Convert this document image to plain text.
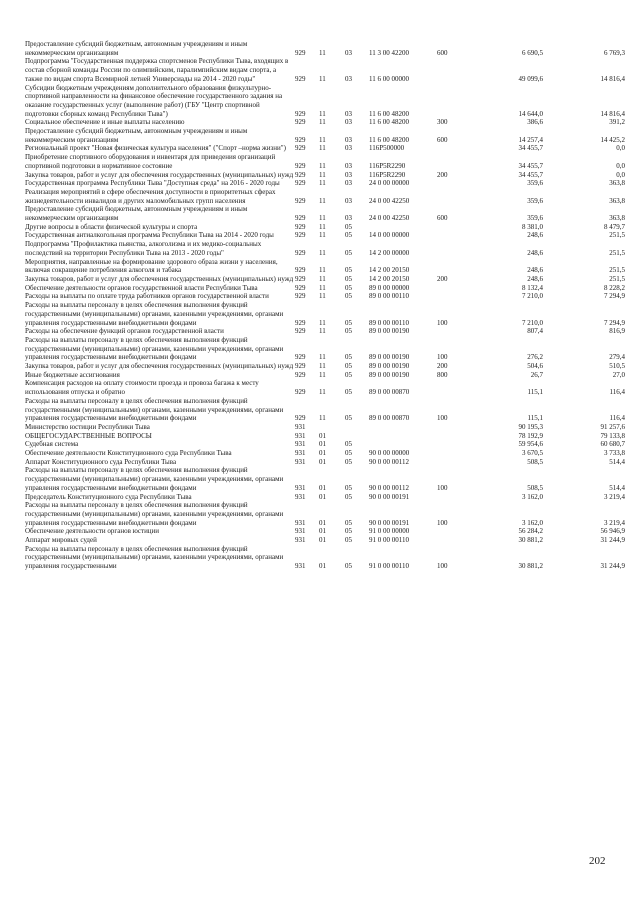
Предоставление субсидий бюджетным, автономным учреждениям и иным некоммерческим организациям	929	11	03	11 3 00 42200	600	6 690,5	6 769,3
Подпрограмма "Государственная поддержка спортсменов Республики Тыва, входящих в состав сборной команды России по олимпийским, паралимпийским видам спорта, а также по видам спорта Всемирной летней Универсиады на 2014 - 2020 годы"	929	11	03	11 6 00 00000		49 099,6	14 816,4
Субсидии бюджетным учреждениям дополнительного образования физкультурно-спортивной направленности на финансовое обеспечение государственного задания на оказание государственных услуг (выполнение работ) (ГБУ "Центр спортивной подготовки сборных команд Республики Тыва")	929	11	03	11 6 00 48200		14 644,0	14 816,4
Социальное обеспечение и иные выплаты населению	929	11	03	11 6 00 48200	300	386,6	391,2
Предоставление субсидий бюджетным, автономным учреждениям и иным некоммерческим организациям	929	11	03	11 6 00 48200	600	14 257,4	14 425,2
Региональный проект "Новая физическая культура населения" ("Спорт –норма жизни")	929	11	03	116P500000		34 455,7	0,0
Приобретение спортивного оборудования и инвентаря для приведения организаций спортивной подготовки в нормативное состояние	929	11	03	116P5R2290		34 455,7	0,0
Закупка товаров, работ и услуг для обеспечения государственных (муниципальных) нужд	929	11	03	116P5R2290	200	34 455,7	0,0
Государственная программа Республики Тыва "Доступная среда" на 2016 - 2020 годы	929	11	03	24 0 00 00000		359,6	363,8
Реализация мероприятий в сфере обеспечения доступности в приоритетных сферах жизнедеятельности инвалидов и других маломобильных групп населения	929	11	03	24 0 00 42250		359,6	363,8
Предоставление субсидий бюджетным, автономным учреждениям и иным некоммерческим организациям	929	11	03	24 0 00 42250	600	359,6	363,8
Другие вопросы в области физической культуры и спорта	929	11	05			8 381,0	8 479,7
Государственная антиалкогольная программа Республики Тыва на 2014 - 2020 годы	929	11	05	14 0 00 00000		248,6	251,5
Подпрограмма "Профилактика пьянства, алкоголизма и их медико-социальных последствий на территории Республики Тыва на 2013 - 2020 годы"	929	11	05	14 2 00 00000		248,6	251,5
Мероприятия, направленные на формирование здорового образа жизни у населения, включая сокращение потребления алкоголя и табака	929	11	05	14 2 00 20150		248,6	251,5
Закупка товаров, работ и услуг для обеспечения государственных (муниципальных) нужд	929	11	05	14 2 00 20150	200	248,6	251,5
Обеспечение деятельности органов государственной власти Республики Тыва	929	11	05	89 0 00 00000		8 132,4	8 228,2
Расходы на выплаты по оплате труда работников органов государственной власти	929	11	05	89 0 00 00110		7 210,0	7 294,9
Расходы на выплаты персоналу в целях обеспечения выполнения функций государственными (муниципальными) органами, казенными учреждениями, органами управления государственными внебюджетными фондами	929	11	05	89 0 00 00110	100	7 210,0	7 294,9
Расходы на обеспечение функций органов государственной власти	929	11	05	89 0 00 00190		807,4	816,9
Расходы на выплаты персоналу в целях обеспечения выполнения функций государственными (муниципальными) органами, казенными учреждениями, органами управления государственными внебюджетными фондами	929	11	05	89 0 00 00190	100	276,2	279,4
Закупка товаров, работ и услуг для обеспечения государственных (муниципальных) нужд	929	11	05	89 0 00 00190	200	504,6	510,5
Иные бюджетные ассигнования	929	11	05	89 0 00 00190	800	26,7	27,0
Компенсация расходов на оплату стоимости проезда и провоза багажа к месту использования отпуска и обратно	929	11	05	89 0 00 00870		115,1	116,4
Расходы на выплаты персоналу в целях обеспечения выполнения функций государственными (муниципальными) органами, казенными учреждениями, органами управления государственными внебюджетными фондами	929	11	05	89 0 00 00870	100	115,1	116,4
Министерство юстиции Республики Тыва	931					90 195,3	91 257,6
ОБЩЕГОСУДАРСТВЕННЫЕ ВОПРОСЫ	931	01				78 192,9	79 133,8
Судебная система	931	01	05			59 954,6	60 680,7
Обеспечение деятельности Конституционного суда Республики Тыва	931	01	05	90 0 00 00000		3 670,5	3 733,8
Аппарат Конституционного суда Республики Тыва	931	01	05	90 0 00 00112		508,5	514,4
Расходы на выплаты персоналу в целях обеспечения выполнения функций государственными (муниципальными) органами, казенными учреждениями, органами управления государственными внебюджетными фондами	931	01	05	90 0 00 00112	100	508,5	514,4
Председатель Конституционного суда Республики Тыва	931	01	05	90 0 00 00191		3 162,0	3 219,4
Расходы на выплаты персоналу в целях обеспечения выполнения функций государственными (муниципальными) органами, казенными учреждениями, органами управления государственными внебюджетными фондами	931	01	05	90 0 00 00191	100	3 162,0	3 219,4
Обеспечение деятельности органов юстиции	931	01	05	91 0 00 00000		56 284,2	56 946,9
Аппарат мировых судей	931	01	05	91 0 00 00110		30 881,2	31 244,9
Расходы на выплаты персоналу в целях обеспечения выполнения функций государственными (муниципальными) органами, казенными учреждениями, органами управления государственными	931	01	05	91 0 00 00110	100	30 881,2	31 244,9
202
